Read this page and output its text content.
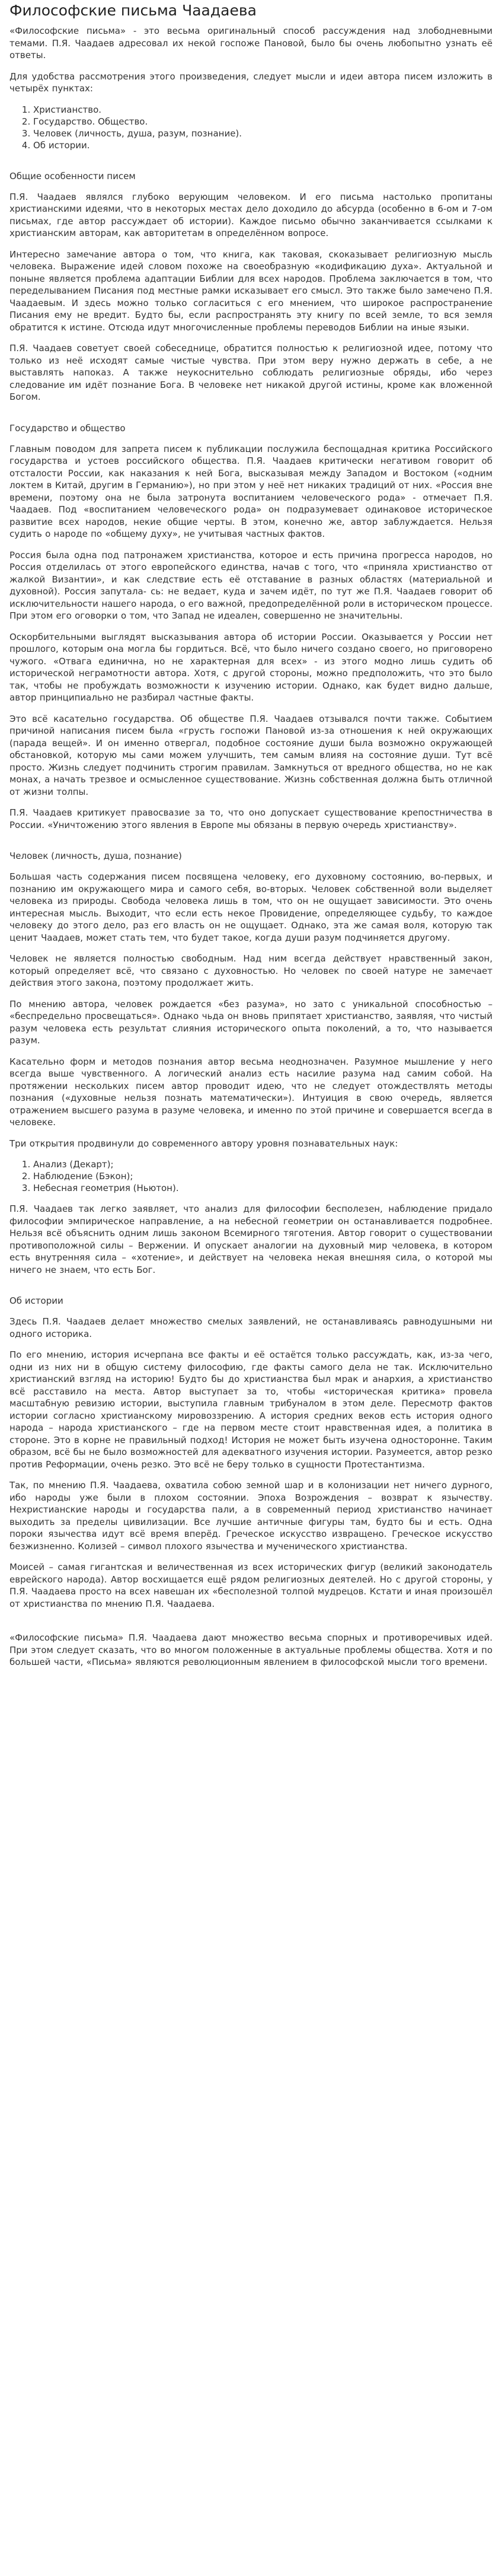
Философские письма Чаадаева

«Философские письма» - это весьма оригинальный способ рассуждения над злободневными темами. П.Я. Чаадаев адресовал их некой госпоже Пановой, было бы очень любопытно узнать её ответы.

Для удобства рассмотрения этого произведения, следует мысли и идеи автора писем изложить в четырёх пунктах:

1. Христианство.
2. Государство. Общество.
3. Человек (личность, душа, разум, познание).
4. Об истории.
Общие особенности писем

П.Я. Чаадаев являлся глубоко верующим человеком. И его письма настолько пропитаны христианскими идеями, что в некоторых местах дело доходило до абсурда (особенно в 6-ом и 7-ом письмах, где автор рассуждает об истории). Каждое письмо обычно заканчивается ссылками к христианским авторам, как авторитетам в определённом вопросе.

Интересно замечание автора о том, что книга, как таковая, скоказывает религиозную мысль человека. Выражение идей словом похоже на своеобразную «кодификацию духа». Актуальной и поныне является проблема адаптации Библии для всех народов. Проблема заключается в том, что переделыванием Писания под местные рамки исказывает его смысл. Это также было замечено П.Я. Чаадаевым. И здесь можно только согласиться с его мнением, что широкое распространение Писания ему не вредит. Будто бы, если распространять эту книгу по всей земле, то вся земля обратится к истине. Отсюда идут многочисленные проблемы переводов Библии на иные языки.

П.Я. Чаадаев советует своей собеседнице, обратится полностью к религиозной идее, потому что только из неё исходят самые чистые чувства. При этом веру нужно держать в себе, а не выставлять напоказ. А также неукоснительно соблюдать религиозные обряды, ибо через следование им идёт познание Бога. В человеке нет никакой другой истины, кроме как вложенной Богом.

Государство и общество

Главным поводом для запрета писем к публикации послужила беспощадная критика Российского государства и устоев российского общества. П.Я. Чаадаев критически негативом говорит об отсталости России, как наказания к ней Бога, высказывая между Западом и Востоком («одним локтем в Китай, другим в Германию»), но при этом у неё нет никаких традиций от них. «Россия вне времени, поэтому она не была затронута воспитанием человеческого рода» - отмечает П.Я. Чаадаев. Под «воспитанием человеческого рода» он подразумевает одинаковое историческое развитие всех народов, некие общие черты. В этом, конечно же, автор заблуждается. Нельзя судить о народе по «общему духу», не учитывая частных фактов.

Россия была одна под патронажем христианства, которое и есть причина прогресса народов, но Россия отделилась от этого европейского единства, начав с того, что «приняла христианство от жалкой Византии», и как следствие есть её отставание в разных областях (материальной и духовной). Россия запутала- сь: не ведает, куда и зачем идёт, по тут же П.Я. Чаадаев говорит об исключительности нашего народа, о его важной, предопределённой роли в историческом процессе. При этом его оговорки о том, что Запад не идеален, совершенно не значительны.

Оскорбительными выглядят высказывания автора об истории России. Оказывается у России нет прошлого, которым она могла бы гордиться. Всё, что было ничего создано своего, но приговорено чужого. «Отвага единична, но не характерная для всех» - из этого модно лишь судить об исторической неграмотности автора. Хотя, с другой стороны, можно предположить, что это было так, чтобы не пробуждать возможности к изучению истории. Однако, как будет видно дальше, автор принципиально не разбирал частные факты.

Это всё касательно государства. Об обществе П.Я. Чаадаев отзывался почти также. Событием причиной написания писем была «грусть госпожи Пановой из-за отношения к ней окружающих (парада вещей». И он именно отвергал, подобное состояние души была возможно окружающей обстановкой, которую мы сами можем улучшить, тем самым влияя на состояние души. Тут всё просто. Жизнь следует подчинить строгим правилам. Замкнуться от вредного общества, но не как монах, а начать трезвое и осмысленное существование. Жизнь собственная должна быть отличной от жизни толпы.

П.Я. Чаадаев критикует правосвазие за то, что оно допускает существование крепостничества в России. «Уничтожению этого явления в Европе мы обязаны в первую очередь христианству».

Человек (личность, душа, познание)

Большая часть содержания писем посвящена человеку, его духовному состоянию, во-первых, и познанию им окружающего мира и самого себя, во-вторых. Человек собственной воли выделяет человека из природы. Свобода человека лишь в том, что он не ощущает зависимости. Это очень интересная мысль. Выходит, что если есть некое Провидение, определяющее судьбу, то каждое человеку до этого дело, раз его власть он не ощущает. Однако, эта же самая воля, которую так ценит Чаадаев, может стать тем, что будет такое, когда души разум подчиняется другому.

Человек не является полностью свободным. Над ним всегда действует нравственный закон, который определяет всё, что связано с духовностью. Но человек по своей натуре не замечает действия этого закона, поэтому продолжает жить.

По мнению автора, человек рождается «без разума», но зато с уникальной способностью – «беспредельно просвещаться». Однако чьда он вновь припятает христианство, заявляя, что чистый разум человека есть результат слияния исторического опыта поколений, а то, что называется разум.

Касательно форм и методов познания автор весьма неоднозначен. Разумное мышление у него всегда выше чувственного. А логический анализ есть насилие разума над самим собой. На протяжении нескольких писем автор проводит идею, что не следует отождествлять методы познания («духовные нельзя познать математически»). Интуиция в свою очередь, является отражением высшего разума в разуме человека, и именно по этой причине и совершается всегда в человеке.

Три открытия продвинули до современного автору уровня познавательных наук:

1. Анализ (Декарт);
2. Наблюдение (Бэкон);
3. Небесная геометрия (Ньютон).

П.Я. Чаадаев так легко заявляет, что анализ для философии бесполезен, наблюдение придало философии эмпирическое направление, а на небесной геометрии он останавливается подробнее. Нельзя всё объяснить одним лишь законом Всемирного тяготения. Автор говорит о существовании противоположной силы – Вержении. И опускает аналогии на духовный мир человека, в котором есть внутренняя сила – «хотение», и действует на человека некая внешняя сила, о которой мы ничего не знаем, что есть Бог.

Об истории

Здесь П.Я. Чаадаев делает множество смелых заявлений, не останавливаясь равнодушными ни одного историка.

По его мнению, история исчерпана все факты и её остаётся только рассуждать, как, из-за чего, одни из них ни в общую систему философию, где факты самого дела не так. Исключительно христианский взгляд на историю! Будто бы до христианства был мрак и анархия, а христианство всё расставило на места. Автор выступает за то, чтобы «историческая критика» провела масштабную ревизию истории, выступила главным трибуналом в этом деле. Пересмотр фактов истории согласно христианскому мировоззрению. А история средних веков есть история одного народа – народа христианского – где на первом месте стоит нравственная идея, а политика в стороне. Это в корне не правильный подход! История не может быть изучена односторонне. Таким образом, всё бы не было возможностей для адекватного изучения истории. Разумеется, автор резко против Реформации, очень резко. Это всё не беру только в сущности Протестантизма.

Так, по мнению П.Я. Чаадаева, охватила собою земной шар и в колонизации нет ничего дурного, ибо народы уже были в плохом состоянии. Эпоха Возрождения – возврат к язычеству. Нехристианские народы и государства пали, а в современный период христианство начинает выходить за пределы цивилизации. Все лучшие античные фигуры там, будто бы и есть. Одна пороки язычества идут всё время вперёд. Греческое искусство извращено. Греческое искусство безжизненно. Колизей – символ плохого язычества и мученического христианства.

Моисей – самая гигантская и величественная из всех исторических фигур (великий законодатель еврейского народа). Автор восхищается ещё рядом религиозных деятелей. Но с другой стороны, у П.Я. Чаадаева просто на всех навешан их «бесполезной толпой мудрецов. Кстати и иная произошёл от христианства по мнению П.Я. Чаадаева.

«Философские письма» П.Я. Чаадаева дают множество весьма спорных и противоречивых идей. При этом следует сказать, что во многом положенные в актуальные проблемы общества. Хотя и по большей части, «Письма» являются революционным явлением в философской мысли того времени.
